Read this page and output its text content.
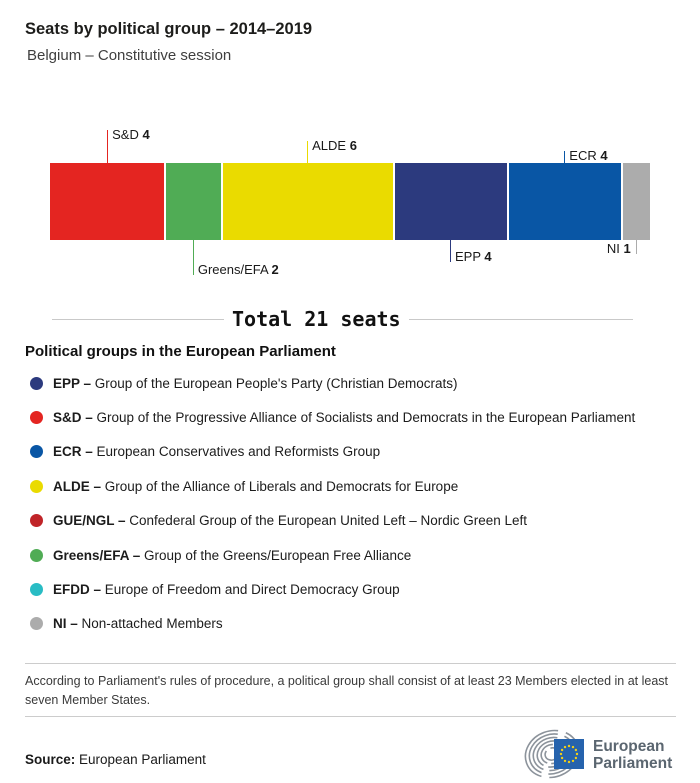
Seats by political group – 2014–2019
Belgium – Constitutive session
S&D 4
Greens/EFA 2
ALDE 6
EPP 4
ECR 4
NI 1
Total 21 seats
Political groups in the European Parliament
EPP – Group of the European People's Party (Christian Democrats)
S&D – Group of the Progressive Alliance of Socialists and Democrats in the European Parliament
ECR – European Conservatives and Reformists Group
ALDE – Group of the Alliance of Liberals and Democrats for Europe
GUE/NGL – Confederal Group of the European United Left – Nordic Green Left
Greens/EFA – Group of the Greens/European Free Alliance
EFDD – Europe of Freedom and Direct Democracy Group
NI – Non-attached Members

According to Parliament's rules of procedure, a political group shall consist of at least 23 Members elected in at least seven Member States.

Source: European Parliament

European
Parliament
